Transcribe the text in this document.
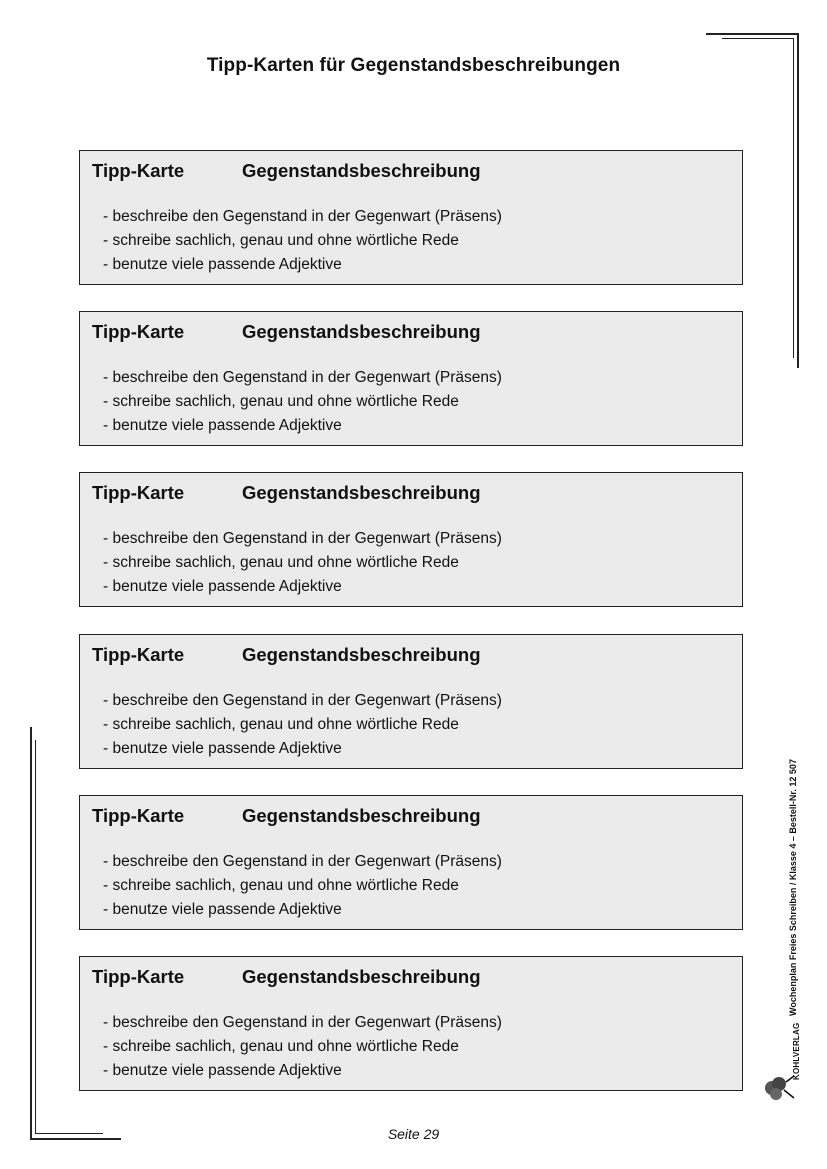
Tipp-Karten für Gegenstandsbeschreibungen
Tipp-Karte	Gegenstandsbeschreibung
- beschreibe den Gegenstand in der Gegenwart (Präsens)
- schreibe sachlich, genau und ohne wörtliche Rede
- benutze viele passende Adjektive
Tipp-Karte	Gegenstandsbeschreibung
- beschreibe den Gegenstand in der Gegenwart (Präsens)
- schreibe sachlich, genau und ohne wörtliche Rede
- benutze viele passende Adjektive
Tipp-Karte	Gegenstandsbeschreibung
- beschreibe den Gegenstand in der Gegenwart (Präsens)
- schreibe sachlich, genau und ohne wörtliche Rede
- benutze viele passende Adjektive
Tipp-Karte	Gegenstandsbeschreibung
- beschreibe den Gegenstand in der Gegenwart (Präsens)
- schreibe sachlich, genau und ohne wörtliche Rede
- benutze viele passende Adjektive
Tipp-Karte	Gegenstandsbeschreibung
- beschreibe den Gegenstand in der Gegenwart (Präsens)
- schreibe sachlich, genau und ohne wörtliche Rede
- benutze viele passende Adjektive
Tipp-Karte	Gegenstandsbeschreibung
- beschreibe den Gegenstand in der Gegenwart (Präsens)
- schreibe sachlich, genau und ohne wörtliche Rede
- benutze viele passende Adjektive
Wochenplan Freies Schreiben / Klasse 4 – Bestell-Nr. 12 507
KOHLVERLAG
Seite 29
